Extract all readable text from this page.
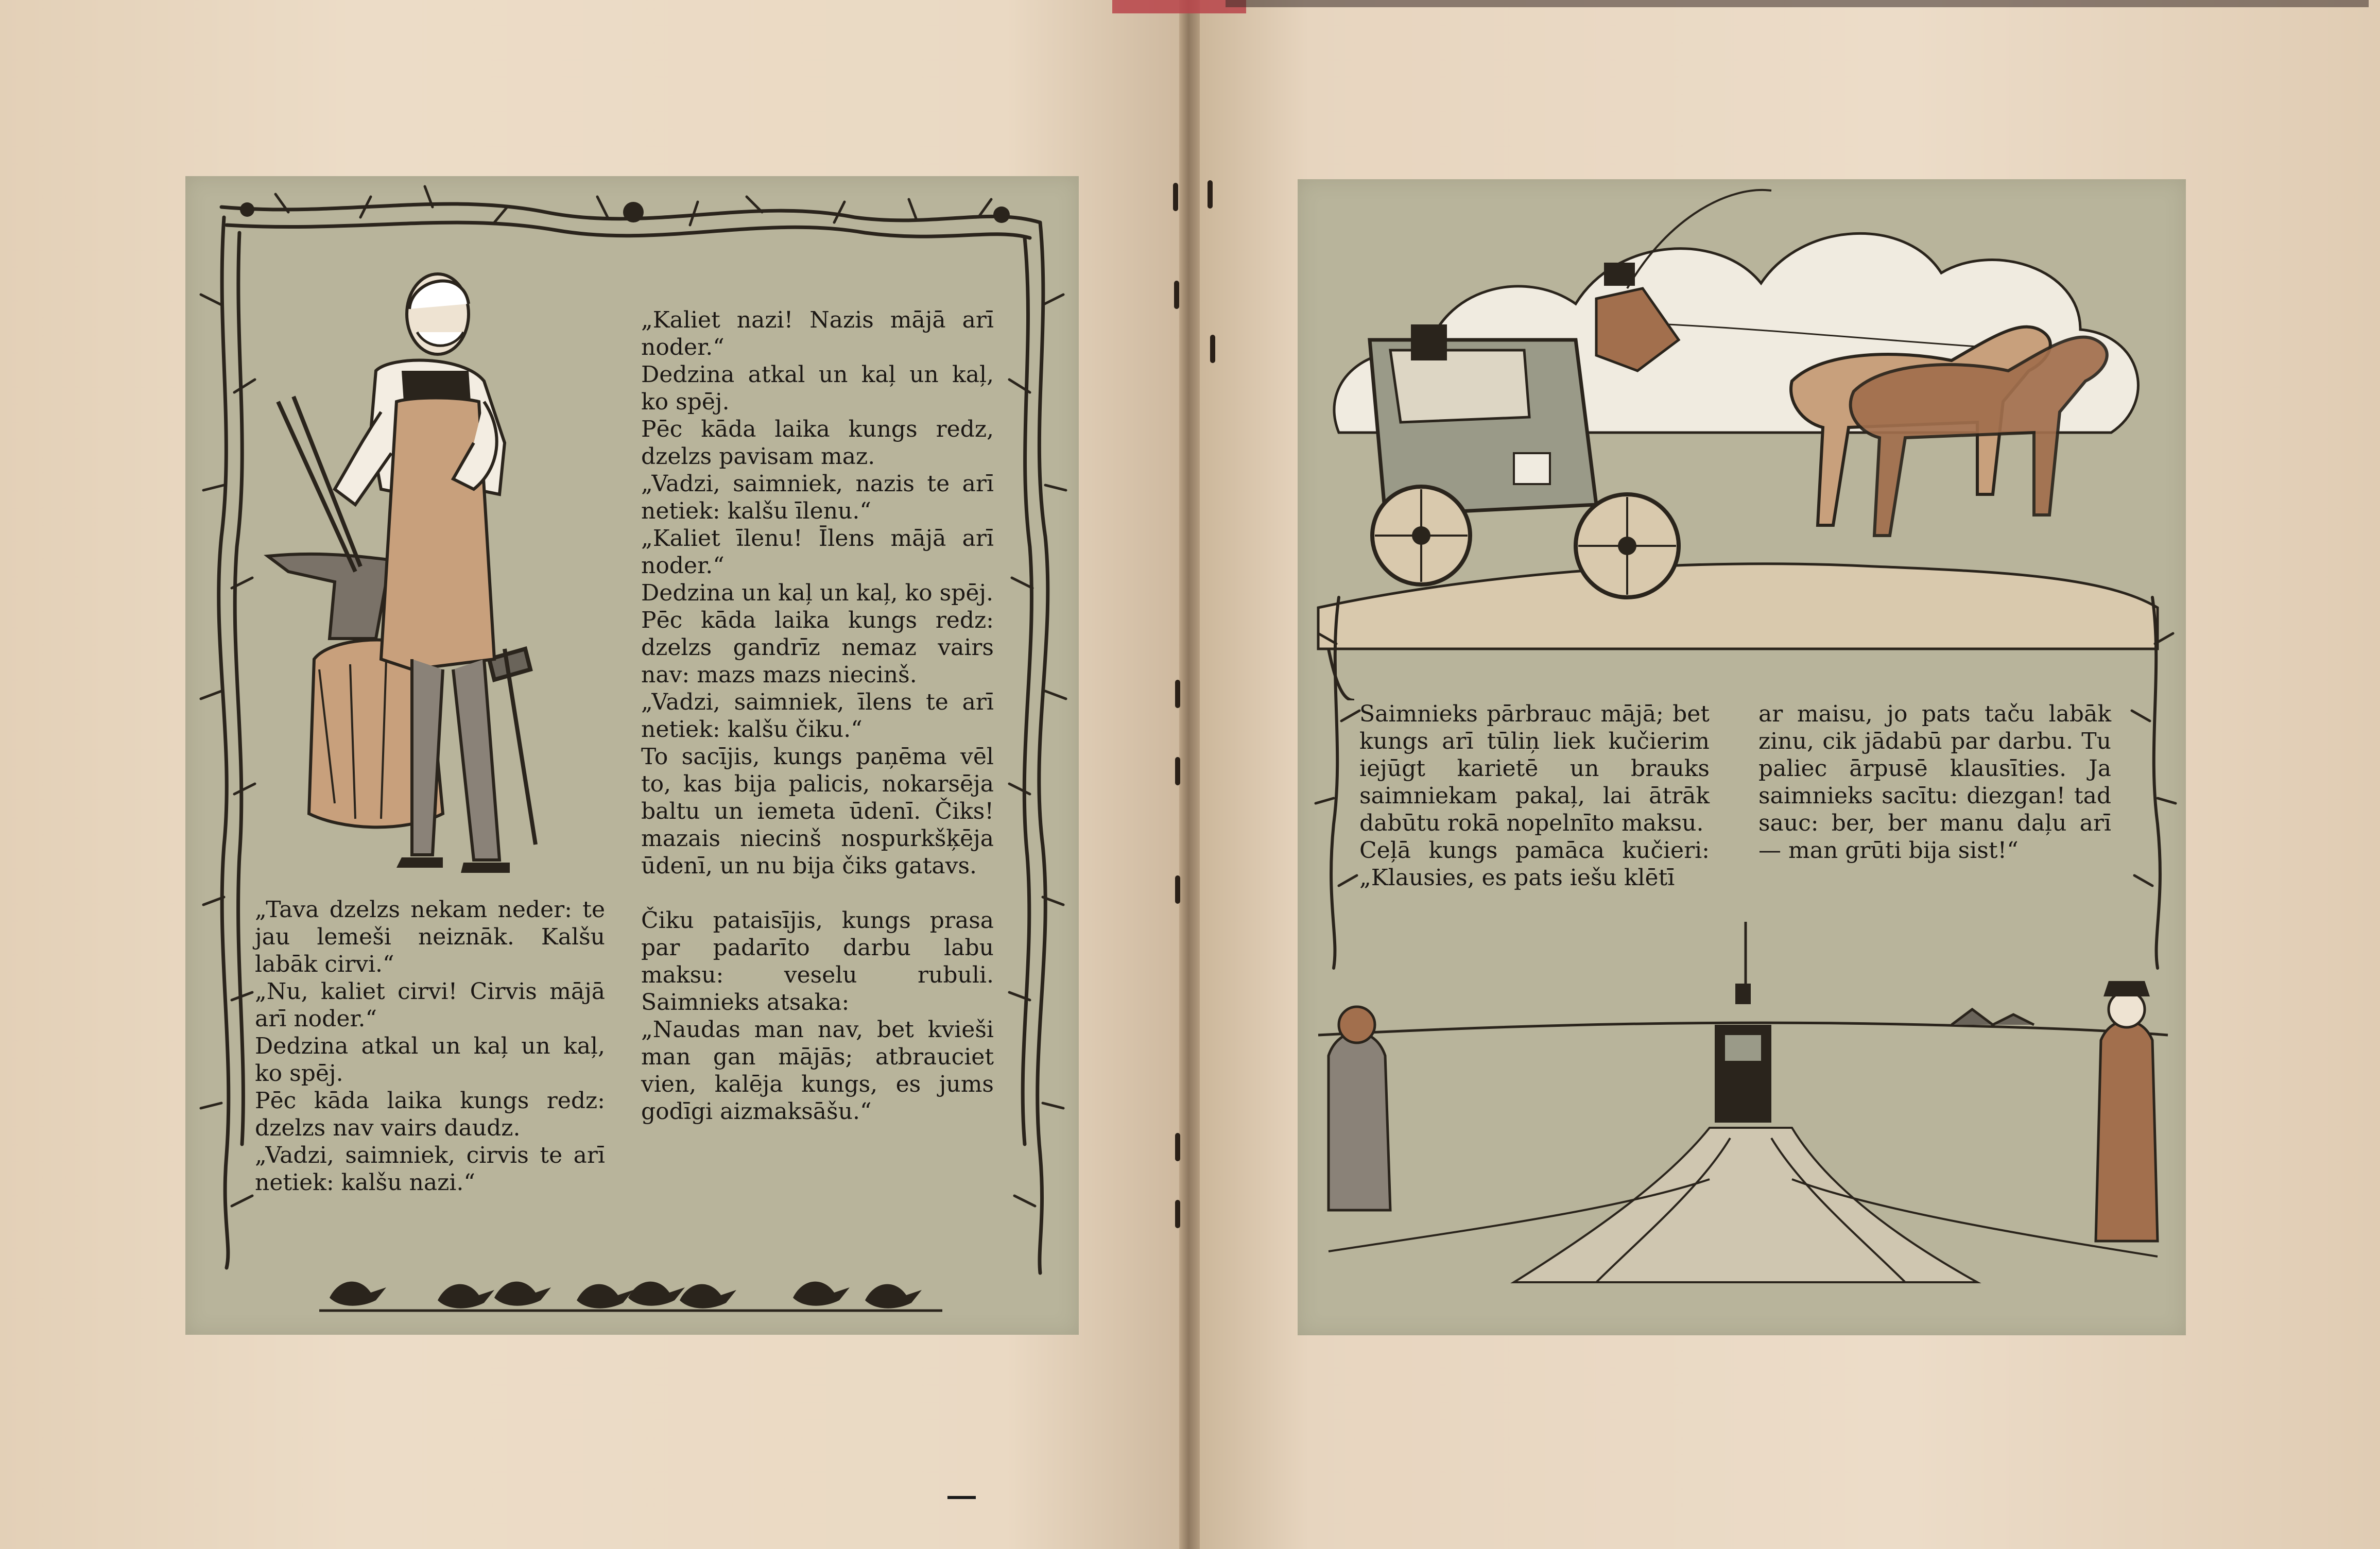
„Tava dzelzs nekam neder: te jau lemeši neiznāk. Kalšu labāk cirvi.“
„Nu, kaliet cirvi! Cirvis mājā arī noder.“
Dedzina atkal un kaļ un kaļ, ko spēj.
Pēc kāda laika kungs redz: dzelzs nav vairs daudz.
„Vadzi, saimniek, cirvis te arī netiek: kalšu nazi.“
„Kaliet nazi! Nazis mājā arī noder.“
Dedzina atkal un kaļ un kaļ, ko spēj.
Pēc kāda laika kungs redz, dzelzs pavisam maz.
„Vadzi, saimniek, nazis te arī netiek: kalšu īlenu.“
„Kaliet īlenu! Īlens mājā arī noder.“
Dedzina un kaļ un kaļ, ko spēj.
Pēc kāda laika kungs redz: dzelzs gandrīz nemaz vairs nav: mazs mazs niecinš.
„Vadzi, saimniek, īlens te arī netiek: kalšu čiku.“
To sacījis, kungs paņēma vēl to, kas bija palicis, nokarsēja baltu un iemeta ūdenī. Čiks! mazais niecinš nospurkšķēja ūdenī, un nu bija čiks gatavs.

Čiku pataisījis, kungs prasa par padarīto darbu labu maksu: veselu rubuli. Saimnieks atsaka:
„Naudas man nav, bet kvieši man gan mājās; atbrauciet vien, kalēja kungs, es jums godīgi aizmaksāšu.“
Saimnieks pārbrauc mājā; bet kungs arī tūliņ liek kučierim iejūgt karietē un brauks saimniekam pakaļ, lai ātrāk dabūtu rokā nopelnīto maksu.
Ceļā kungs pamāca kučieri: „Klausies, es pats iešu klētī
ar maisu, jo pats taču labāk zinu, cik jādabū par darbu. Tu paliec ārpusē klausīties. Ja saimnieks sacītu: diezgan! tad sauc: ber, ber manu daļu arī — man grūti bija sist!“
